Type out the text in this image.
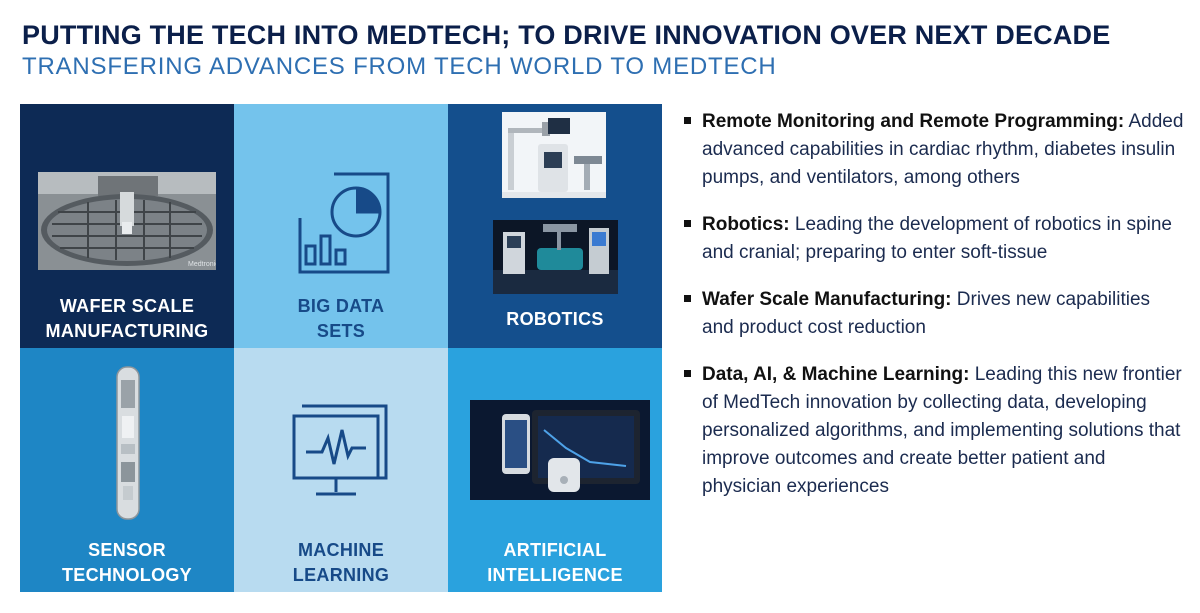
PUTTING THE TECH INTO MEDTECH; TO DRIVE INNOVATION OVER NEXT DECADE
TRANSFERING ADVANCES FROM TECH WORLD TO MEDTECH
Medtronic
WAFER SCALE
MANUFACTURING
BIG DATA
SETS
ROBOTICS
SENSOR
TECHNOLOGY
MACHINE
LEARNING
ARTIFICIAL
INTELLIGENCE
Remote Monitoring and Remote Programming: Added advanced capabilities in cardiac rhythm, diabetes insulin pumps, and ventilators, among others
Robotics: Leading the development of robotics in spine and cranial; preparing to enter soft-tissue
Wafer Scale Manufacturing: Drives new capabilities and product cost reduction
Data, AI, & Machine Learning: Leading this new frontier of MedTech innovation by collecting data, developing personalized algorithms, and implementing solutions that improve outcomes and create better patient and physician experiences
